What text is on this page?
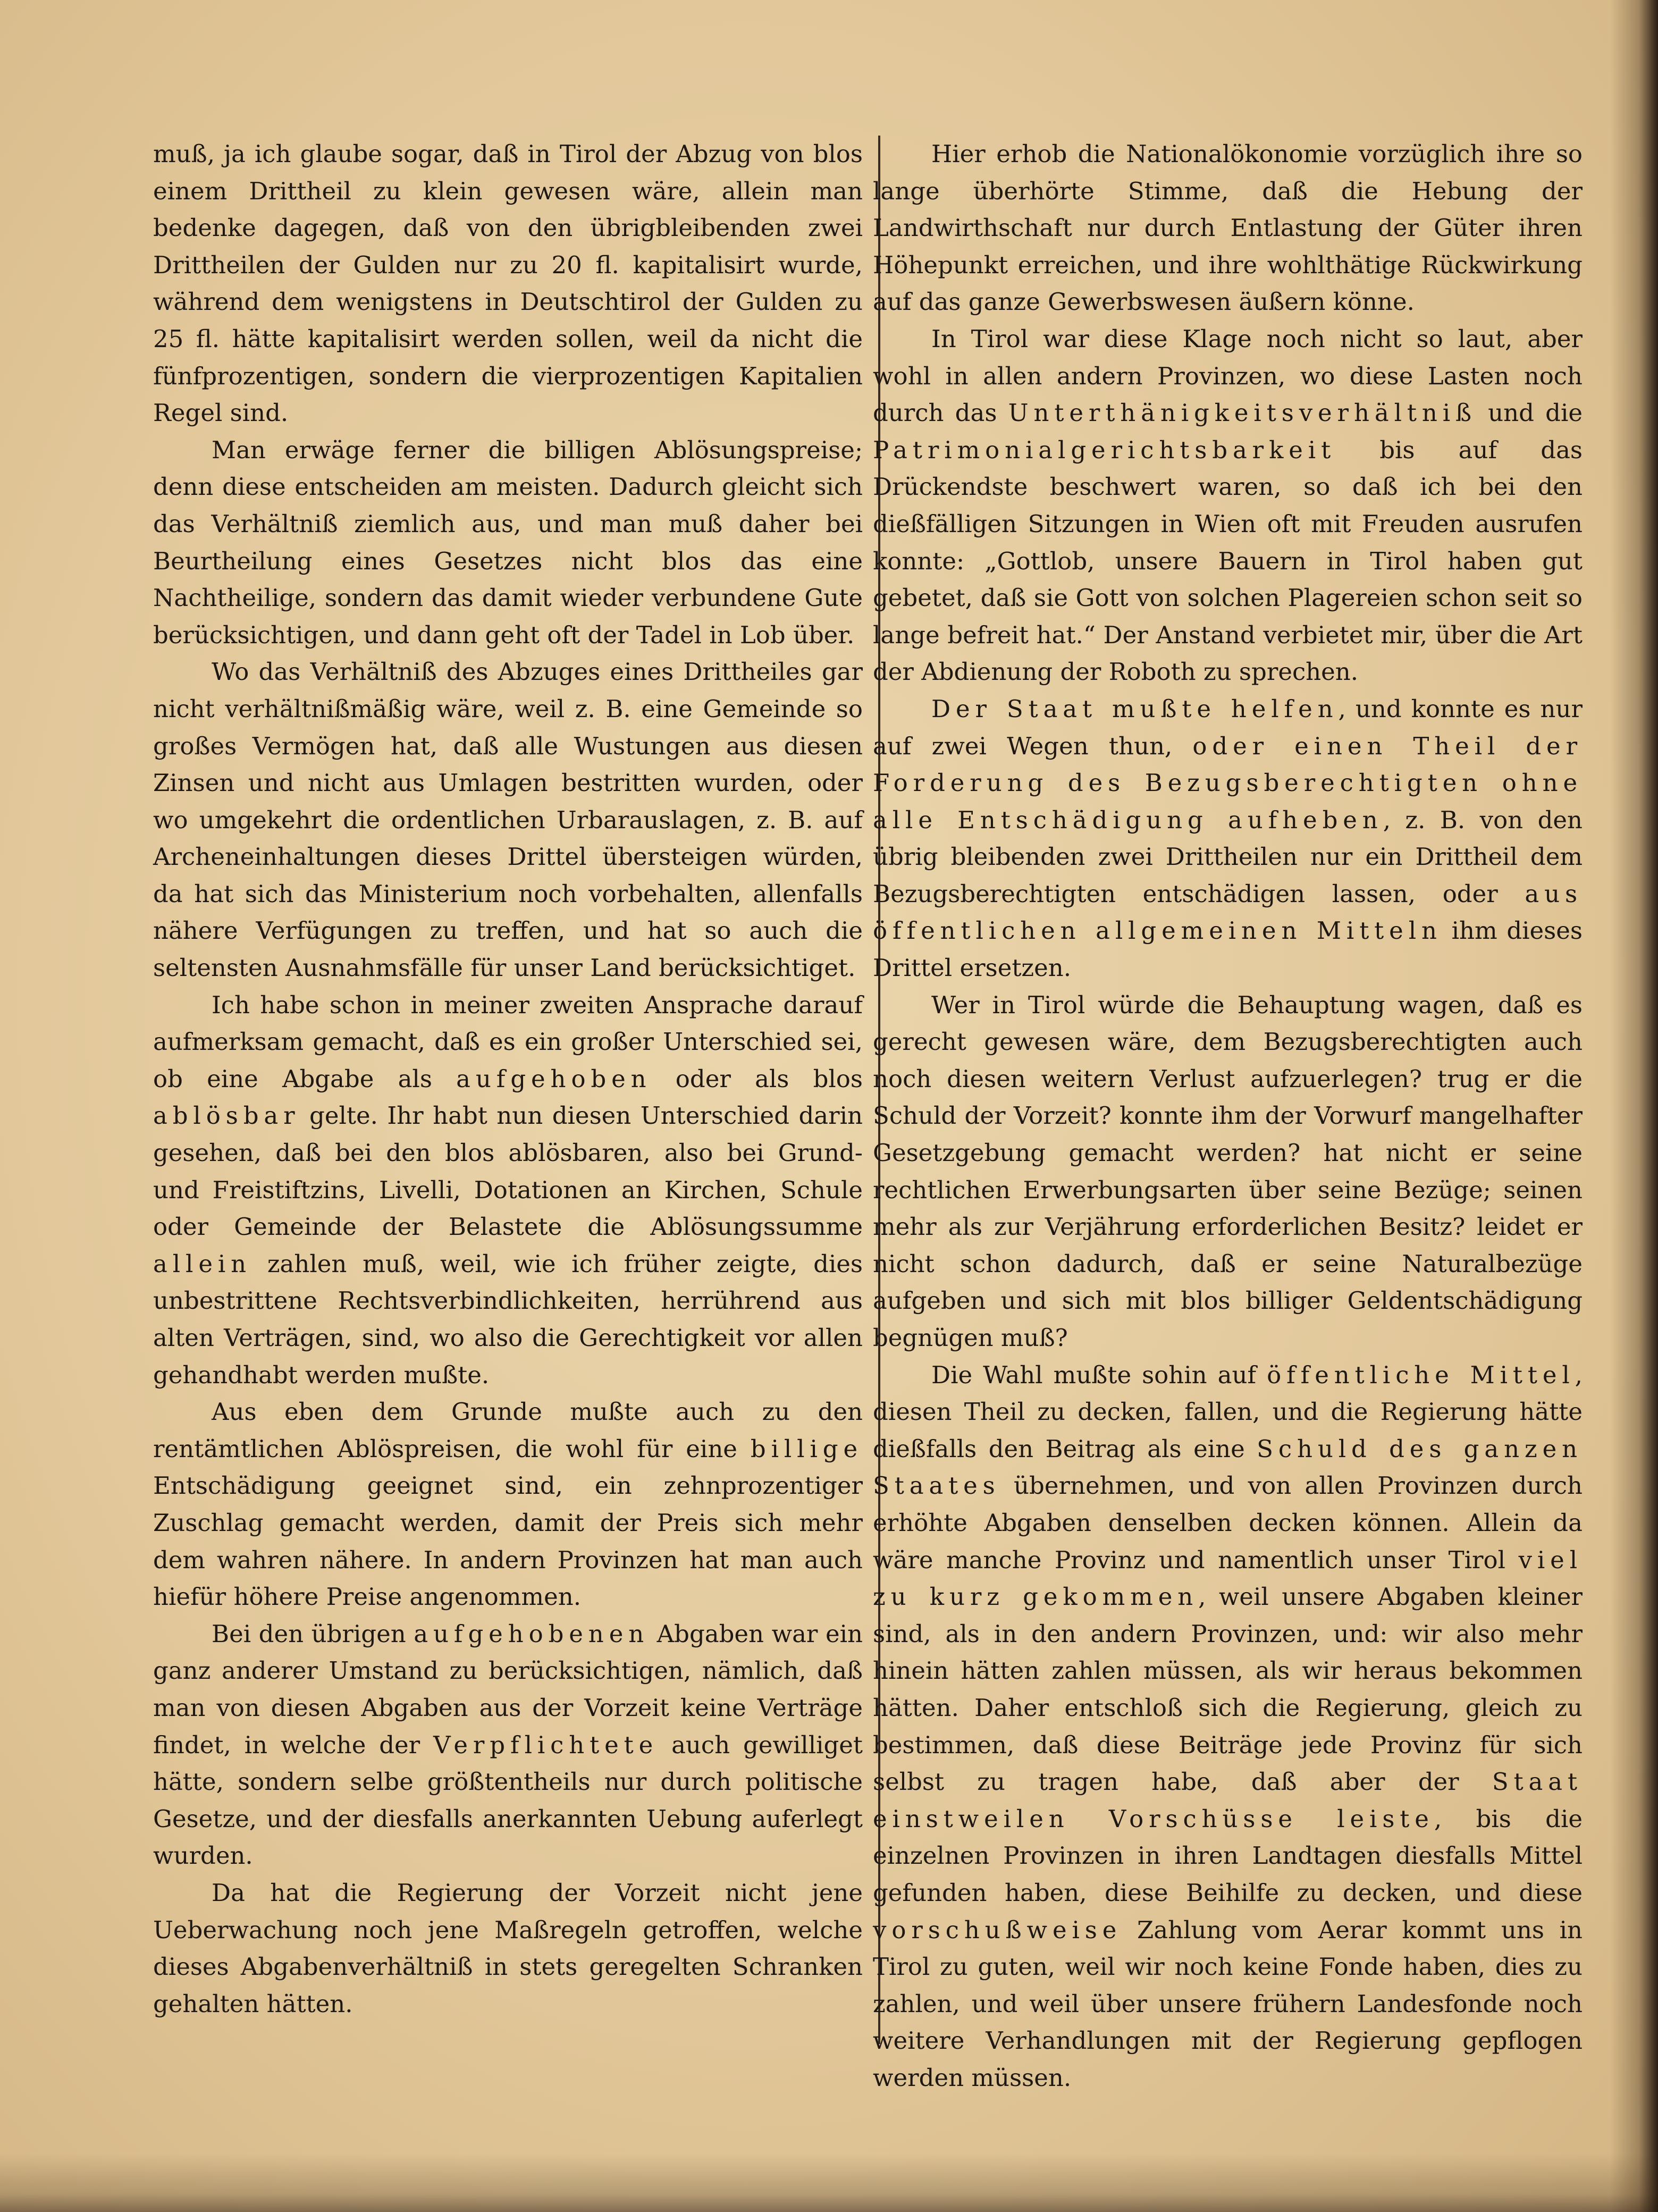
muß, ja ich glaube sogar, daß in Tirol der Abzug von blos einem Drittheil zu klein gewesen wäre, allein man bedenke dagegen, daß von den übrigbleibenden zwei Drittheilen der Gulden nur zu 20 fl. kapitalisirt wurde, während dem wenigstens in Deutschtirol der Gulden zu 25 fl. hätte kapitalisirt werden sollen, weil da nicht die fünfprozentigen, sondern die vierprozentigen Kapitalien Regel sind.

Man erwäge ferner die billigen Ablösungspreise; denn diese entscheiden am meisten. Dadurch gleicht sich das Verhältniß ziemlich aus, und man muß daher bei Beurtheilung eines Gesetzes nicht blos das eine Nachtheilige, sondern das damit wieder verbundene Gute berücksichtigen, und dann geht oft der Tadel in Lob über.

Wo das Verhältniß des Abzuges eines Drittheiles gar nicht verhältnißmäßig wäre, weil z. B. eine Gemeinde so großes Vermögen hat, daß alle Wustungen aus diesen Zinsen und nicht aus Umlagen bestritten wurden, oder wo umgekehrt die ordentlichen Urbarauslagen, z. B. auf Archeneinhaltungen dieses Drittel übersteigen würden, da hat sich das Ministerium noch vorbehalten, allenfalls nähere Verfügungen zu treffen, und hat so auch die seltensten Ausnahmsfälle für unser Land berücksichtiget.

Ich habe schon in meiner zweiten Ansprache darauf aufmerksam gemacht, daß es ein großer Unterschied sei, ob eine Abgabe als aufgehoben oder als blos ablösbar gelte. Ihr habt nun diesen Unterschied darin gesehen, daß bei den blos ablösbaren, also bei Grund- und Freistiftzins, Livelli, Dotationen an Kirchen, Schule oder Gemeinde der Belastete die Ablösungssumme allein zahlen muß, weil, wie ich früher zeigte, dies unbestrittene Rechtsverbindlichkeiten, herrührend aus alten Verträgen, sind, wo also die Gerechtigkeit vor allen gehandhabt werden mußte.

Aus eben dem Grunde mußte auch zu den rentämtlichen Ablöspreisen, die wohl für eine billige Entschädigung geeignet sind, ein zehnprozentiger Zuschlag gemacht werden, damit der Preis sich mehr dem wahren nähere. In andern Provinzen hat man auch hiefür höhere Preise angenommen.

Bei den übrigen aufgehobenen Abgaben war ein ganz anderer Umstand zu berücksichtigen, nämlich, daß man von diesen Abgaben aus der Vorzeit keine Verträge findet, in welche der Verpflichtete auch gewilliget hätte, sondern selbe größtentheils nur durch politische Gesetze, und der diesfalls anerkannten Uebung auferlegt wurden.

Da hat die Regierung der Vorzeit nicht jene Ueberwachung noch jene Maßregeln getroffen, welche dieses Abgabenverhältniß in stets geregelten Schranken gehalten hätten.

Hier erhob die Nationalökonomie vorzüglich ihre so lange überhörte Stimme, daß die Hebung der Landwirthschaft nur durch Entlastung der Güter ihren Höhepunkt erreichen, und ihre wohlthätige Rückwirkung auf das ganze Gewerbswesen äußern könne.

In Tirol war diese Klage noch nicht so laut, aber wohl in allen andern Provinzen, wo diese Lasten noch durch das Unterthänigkeitsverhältniß und die Patrimonialgerichtsbarkeit bis auf das Drückendste beschwert waren, so daß ich bei den dießfälligen Sitzungen in Wien oft mit Freuden ausrufen konnte: „Gottlob, unsere Bauern in Tirol haben gut gebetet, daß sie Gott von solchen Plagereien schon seit so lange befreit hat.“ Der Anstand verbietet mir, über die Art der Abdienung der Roboth zu sprechen.

Der Staat mußte helfen, und konnte es nur auf zwei Wegen thun, oder einen Theil der Forderung des Bezugsberechtigten ohne alle Entschädigung aufheben, z. B. von den übrig bleibenden zwei Drittheilen nur ein Drittheil dem Bezugsberechtigten entschädigen lassen, oder aus öffentlichen allgemeinen Mitteln ihm dieses Drittel ersetzen.

Wer in Tirol würde die Behauptung wagen, daß es gerecht gewesen wäre, dem Bezugsberechtigten auch noch diesen weitern Verlust aufzuerlegen? trug er die Schuld der Vorzeit? konnte ihm der Vorwurf mangelhafter Gesetzgebung gemacht werden? hat nicht er seine rechtlichen Erwerbungsarten über seine Bezüge; seinen mehr als zur Verjährung erforderlichen Besitz? leidet er nicht schon dadurch, daß er seine Naturalbezüge aufgeben und sich mit blos billiger Geldentschädigung begnügen muß?

Die Wahl mußte sohin auf öffentliche Mittel, diesen Theil zu decken, fallen, und die Regierung hätte dießfalls den Beitrag als eine Schuld des ganzen Staates übernehmen, und von allen Provinzen durch erhöhte Abgaben denselben decken können. Allein da wäre manche Provinz und namentlich unser Tirol viel zu kurz gekommen, weil unsere Abgaben kleiner sind, als in den andern Provinzen, und: wir also mehr hinein hätten zahlen müssen, als wir heraus bekommen hätten. Daher entschloß sich die Regierung, gleich zu bestimmen, daß diese Beiträge jede Provinz für sich selbst zu tragen habe, daß aber der Staat einstweilen Vorschüsse leiste, bis die einzelnen Provinzen in ihren Landtagen diesfalls Mittel gefunden haben, diese Beihilfe zu decken, und diese vorschußweise Zahlung vom Aerar kommt uns in Tirol zu guten, weil wir noch keine Fonde haben, dies zu zahlen, und weil über unsere frühern Landesfonde noch weitere Verhandlungen mit der Regierung gepflogen werden müssen.
